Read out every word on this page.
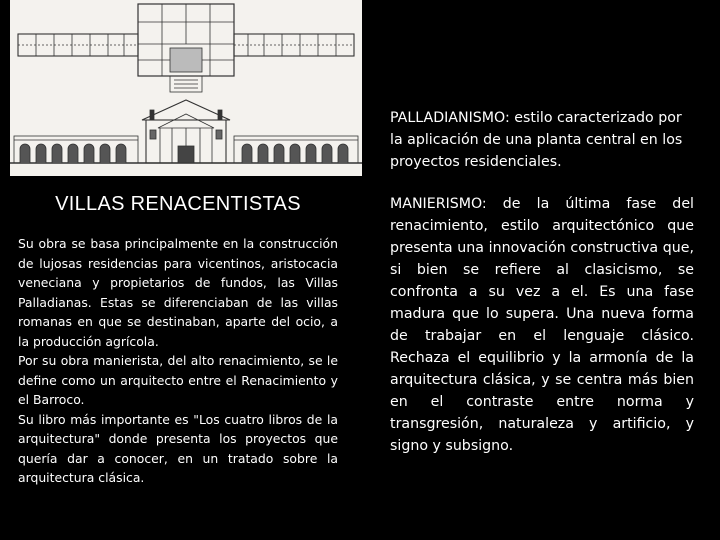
VILLAS RENACENTISTAS

Su obra se basa principalmente en la construcción de lujosas residencias para vicentinos, aristocacia veneciana y propietarios de fundos, las Villas Palladianas. Estas se diferenciaban de las villas romanas en que se destinaban, aparte del ocio, a la producción agrícola.

Por su obra manierista, del alto renacimiento, se le define como un arquitecto entre el Renacimiento y el Barroco.

Su libro más importante es "Los cuatro libros de la arquitectura" donde presenta los proyectos que quería dar a conocer, en un tratado sobre la arquitectura clásica.

PALLADIANISMO: estilo caracterizado por la aplicación de una planta central en los proyectos residenciales.

MANIERISMO: de la última fase del renacimiento, estilo arquitectónico que presenta una innovación constructiva que, si bien se refiere al clasicismo, se confronta a su vez a el. Es una fase madura que lo supera. Una nueva forma de trabajar en el lenguaje clásico. Rechaza el equilibrio y la armonía de la arquitectura clásica, y se centra más bien en el contraste entre norma y transgresión, naturaleza y artificio, y signo y subsigno.
